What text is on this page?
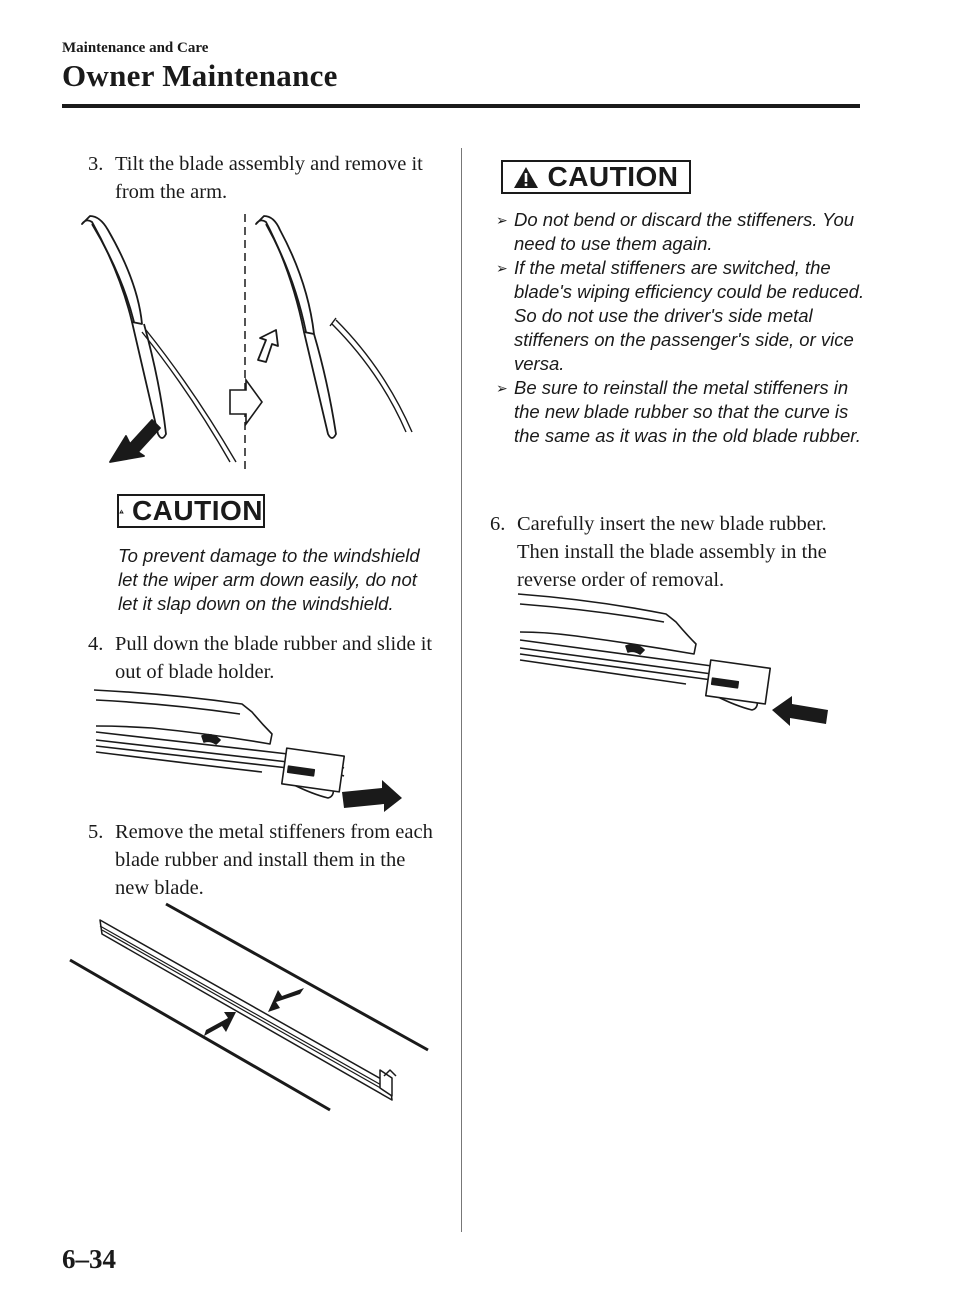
Maintenance and Care
Owner Maintenance
3. Tilt the blade assembly and remove it from the arm.
CAUTION
To prevent damage to the windshield let the wiper arm down easily, do not let it slap down on the windshield.
4. Pull down the blade rubber and slide it out of blade holder.
5. Remove the metal stiffeners from each blade rubber and install them in the new blade.
CAUTION
➢ Do not bend or discard the stiffeners. You need to use them again.
➢ If the metal stiffeners are switched, the blade's wiping efficiency could be reduced. So do not use the driver's side metal stiffeners on the passenger's side, or vice versa.
➢ Be sure to reinstall the metal stiffeners in the new blade rubber so that the curve is the same as it was in the old blade rubber.
6. Carefully insert the new blade rubber. Then install the blade assembly in the reverse order of removal.
6–34
